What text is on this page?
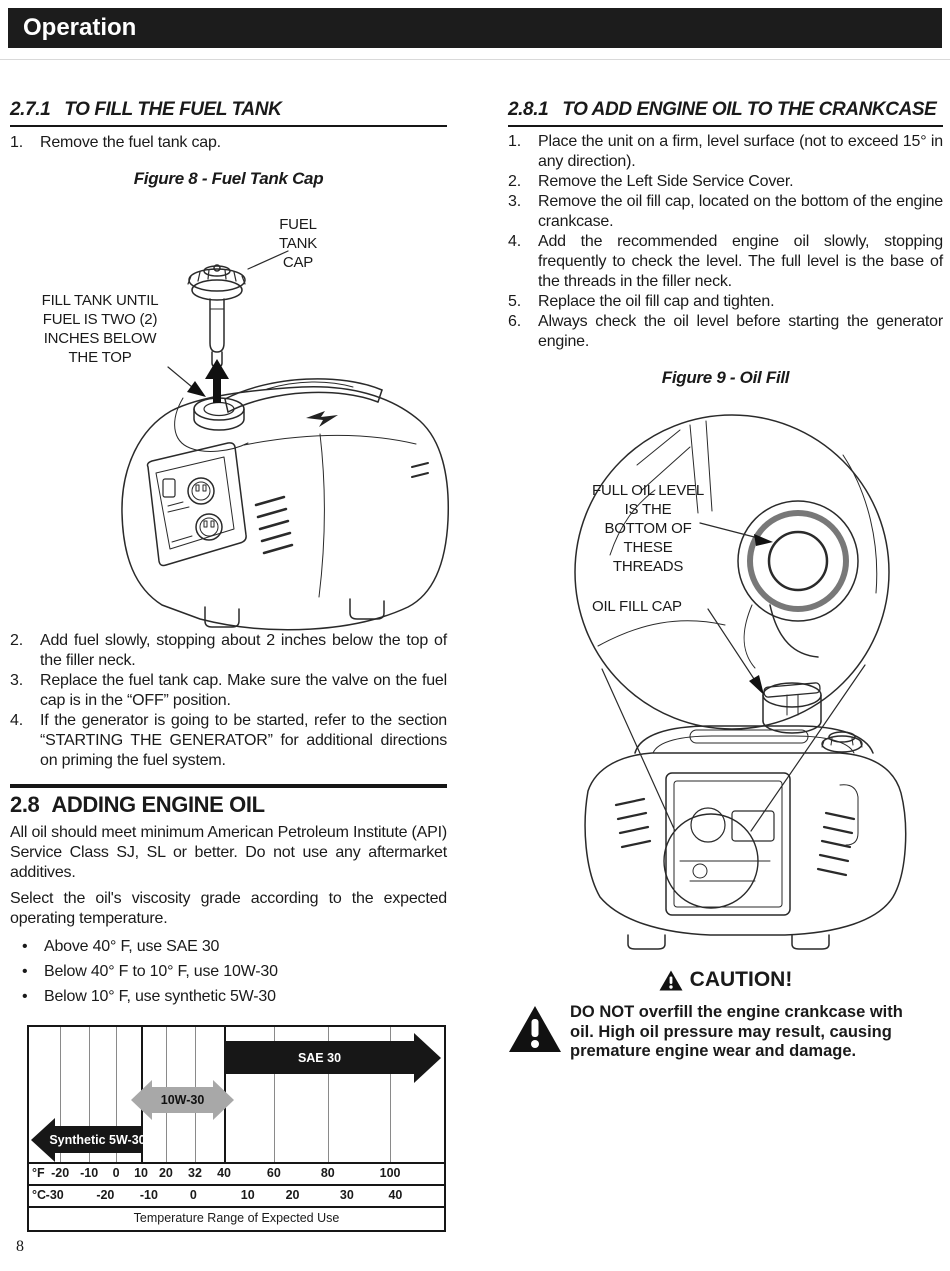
Operation
2.7.1 TO FILL THE FUEL TANK
1.	Remove the fuel tank cap.
Figure 8 - Fuel Tank Cap
FUEL TANK CAP
FILL TANK UNTIL FUEL IS TWO (2) INCHES BELOW THE TOP
2.	Add fuel slowly, stopping about 2 inches below the top of the filler neck.
3.	Replace the fuel tank cap. Make sure the valve on the fuel cap is in the “OFF” position.
4.	If the generator is going to be started, refer to the section “STARTING THE GENERATOR” for additional directions on priming the fuel system.
2.8 ADDING ENGINE OIL
All oil should meet minimum American Petroleum Institute (API) Service Class SJ, SL or better. Do not use any aftermarket additives.
Select the oil's viscosity grade according to the expected operating temperature.
• Above 40° F, use SAE 30
• Below 40° F to 10° F, use 10W-30
• Below 10° F, use synthetic 5W-30
SAE 30
10W-30
Synthetic 5W-30
°F -20 -10 0 10 20 32 40	60	80	100
°C -30	-20 -10	0	10 20	30	40
Temperature Range of Expected Use
8
2.8.1 TO ADD ENGINE OIL TO THE CRANKCASE
1.	Place the unit on a firm, level surface (not to exceed 15° in any direction).
2.	Remove the Left Side Service Cover.
3.	Remove the oil fill cap, located on the bottom of the engine crankcase.
4.	Add the recommended engine oil slowly, stopping frequently to check the level. The full level is the base of the threads in the filler neck.
5.	Replace the oil fill cap and tighten.
6.	Always check the oil level before starting the generator engine.
Figure 9 - Oil Fill
FULL OIL LEVEL IS THE BOTTOM OF THESE THREADS
OIL FILL CAP
CAUTION!
DO NOT overfill the engine crankcase with oil. High oil pressure may result, causing premature engine wear and damage.
